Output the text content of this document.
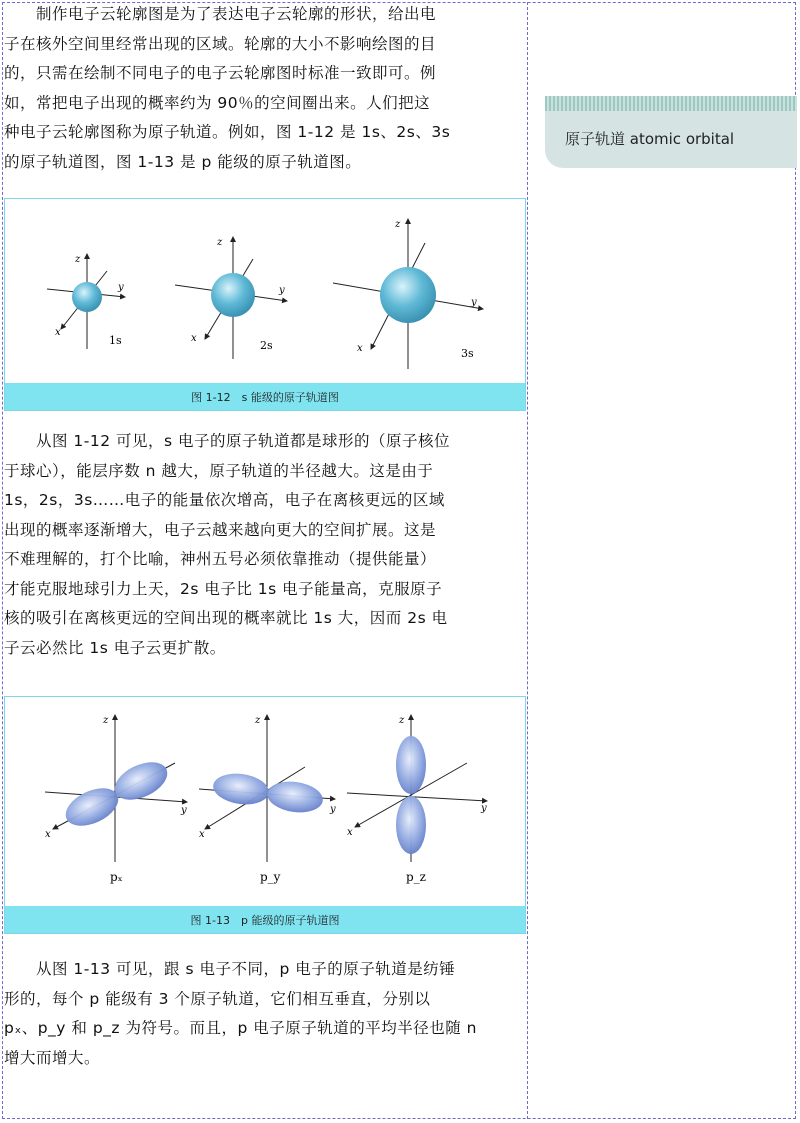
　　制作电子云轮廓图是为了表达电子云轮廓的形状，给出电
子在核外空间里经常出现的区域。轮廓的大小不影响绘图的目
的，只需在绘制不同电子的电子云轮廓图时标准一致即可。例
如，常把电子出现的概率约为 90％的空间圈出来。人们把这
种电子云轮廓图称为原子轨道。例如，图 1-12 是 1s、2s、3s
的原子轨道图，图 1-13 是 p 能级的原子轨道图。
原子轨道 atomic orbital
z
y
x
1s
z
y
x
2s
z
y
x	3s
图 1-12　s 能级的原子轨道图
　　从图 1-12 可见，s 电子的原子轨道都是球形的（原子核位
于球心），能层序数 n 越大，原子轨道的半径越大。这是由于
1s，2s，3s……电子的能量依次增高，电子在离核更远的区域
出现的概率逐渐增大，电子云越来越向更大的空间扩展。这是
不难理解的，打个比喻，神州五号必须依靠推动（提供能量）
才能克服地球引力上天，2s 电子比 1s 电子能量高，克服原子
核的吸引在离核更远的空间出现的概率就比 1s 大，因而 2s 电
子云必然比 1s 电子云更扩散。
z
y
x
pₓ
z
y
x
p_y
z
y
x
p_z
图 1-13　p 能级的原子轨道图
　　从图 1-13 可见，跟 s 电子不同，p 电子的原子轨道是纺锤
形的，每个 p 能级有 3 个原子轨道，它们相互垂直，分别以
pₓ、p_y 和 p_z 为符号。而且，p 电子原子轨道的平均半径也随 n
增大而增大。
